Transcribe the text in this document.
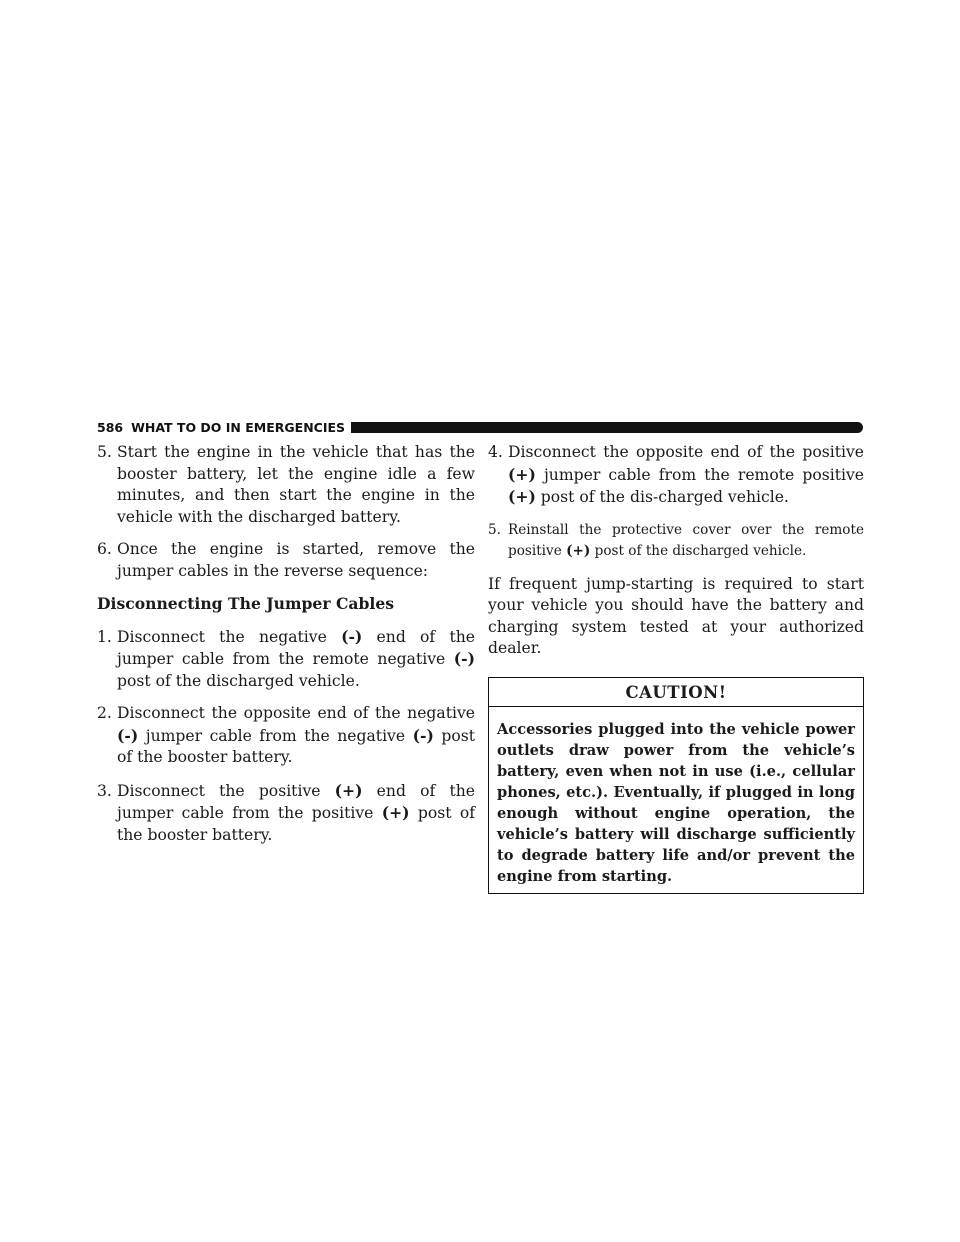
586 WHAT TO DO IN EMERGENCIES

5. Start the engine in the vehicle that has the booster battery, let the engine idle a few minutes, and then start the engine in the vehicle with the discharged battery.

6. Once the engine is started, remove the jumper cables in the reverse sequence:

Disconnecting The Jumper Cables

1. Disconnect the negative (-) end of the jumper cable from the remote negative (-) post of the discharged vehicle.

2. Disconnect the opposite end of the negative (-) jumper cable from the negative (-) post of the booster battery.

3. Disconnect the positive (+) end of the jumper cable from the positive (+) post of the booster battery.

4. Disconnect the opposite end of the positive (+) jumper cable from the remote positive (+) post of the dis-charged vehicle.

5. Reinstall the protective cover over the remote positive (+) post of the discharged vehicle.

If frequent jump-starting is required to start your vehicle you should have the battery and charging system tested at your authorized dealer.

CAUTION!
Accessories plugged into the vehicle power outlets draw power from the vehicle’s battery, even when not in use (i.e., cellular phones, etc.). Eventually, if plugged in long enough without engine operation, the vehicle’s battery will discharge sufficiently to degrade battery life and/or prevent the engine from starting.
